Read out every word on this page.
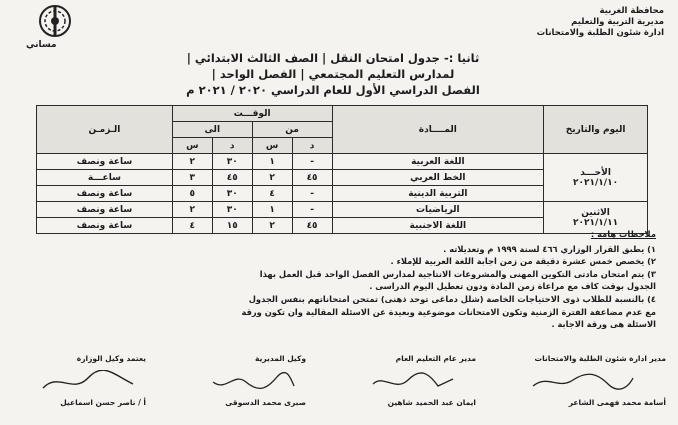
محافظة الغربية
مديرية التربية والتعليم
ادارة شئون الطلبة والامتحانات
مساني
ثانيا :- جدول امتحان النقل | الصف الثالث الابتدائي |
لمدارس التعليم المجتمعي | الفصل الواحد |
الفصل الدراسي الأول للعام الدراسي ٢٠٢٠ / ٢٠٢١ م
اليوم والتاريخ	المــــادة	الوقـــت				الـزمـن
		من		الى		
		د	س	د	س	

الأحـــد
٢٠٢١/١/١٠	اللغة العربية	-	١	٣٠	٢	ساعة ونصف
	الخط العربي	٤٥	٢	٤٥	٣	ساعـــة
	التربية الدينية	-	٤	٣٠	٥	ساعة ونصف

الاثنين
٢٠٢١/١/١١	الرياضيات	-	١	٣٠	٢	ساعة ونصف
	اللغة الاجنبية	٤٥	٢	١٥	٤	ساعة ونصف
ملاحظات هامة :
١) يطبق القرار الوزاري ٤٦٦ لسنة ١٩٩٩ م وتعديلاته .
٢) يخصص خمس عشرة دقيقة من زمن اجابة اللغة العربية للإملاء .
٣) يتم امتحان مادتى التكوين المهنى والمشروعات الانتاجية لمدارس الفصل الواحد قبل العمل بهذا
الجدول بوقت كاف مع مراعاة زمن المادة ودون تعطيل اليوم الدراسى .
٤) بالنسبة للطلاب ذوى الاحتياجات الخاصة (شلل دماغى توحد ذهنى) تمتحن امتحاناتهم بنفس الجدول
مع عدم مضاعفة الفترة الزمنية وتكون الامتحانات موضوعية وبعيدة عن الاسئلة المقالية وان تكون ورقة
الاسئلة هى ورقة الاجابة .
مدير ادارة شئون الطلبة والامتحانات
مدير عام التعليم العام
وكيل المديرية
يعتمد وكيل الوزارة
أسامة محمد فهمى الشاعر
ايمان عبد الحميد شاهين
صبرى محمد الدسوقى
أ / ناصر حسن اسماعيل
